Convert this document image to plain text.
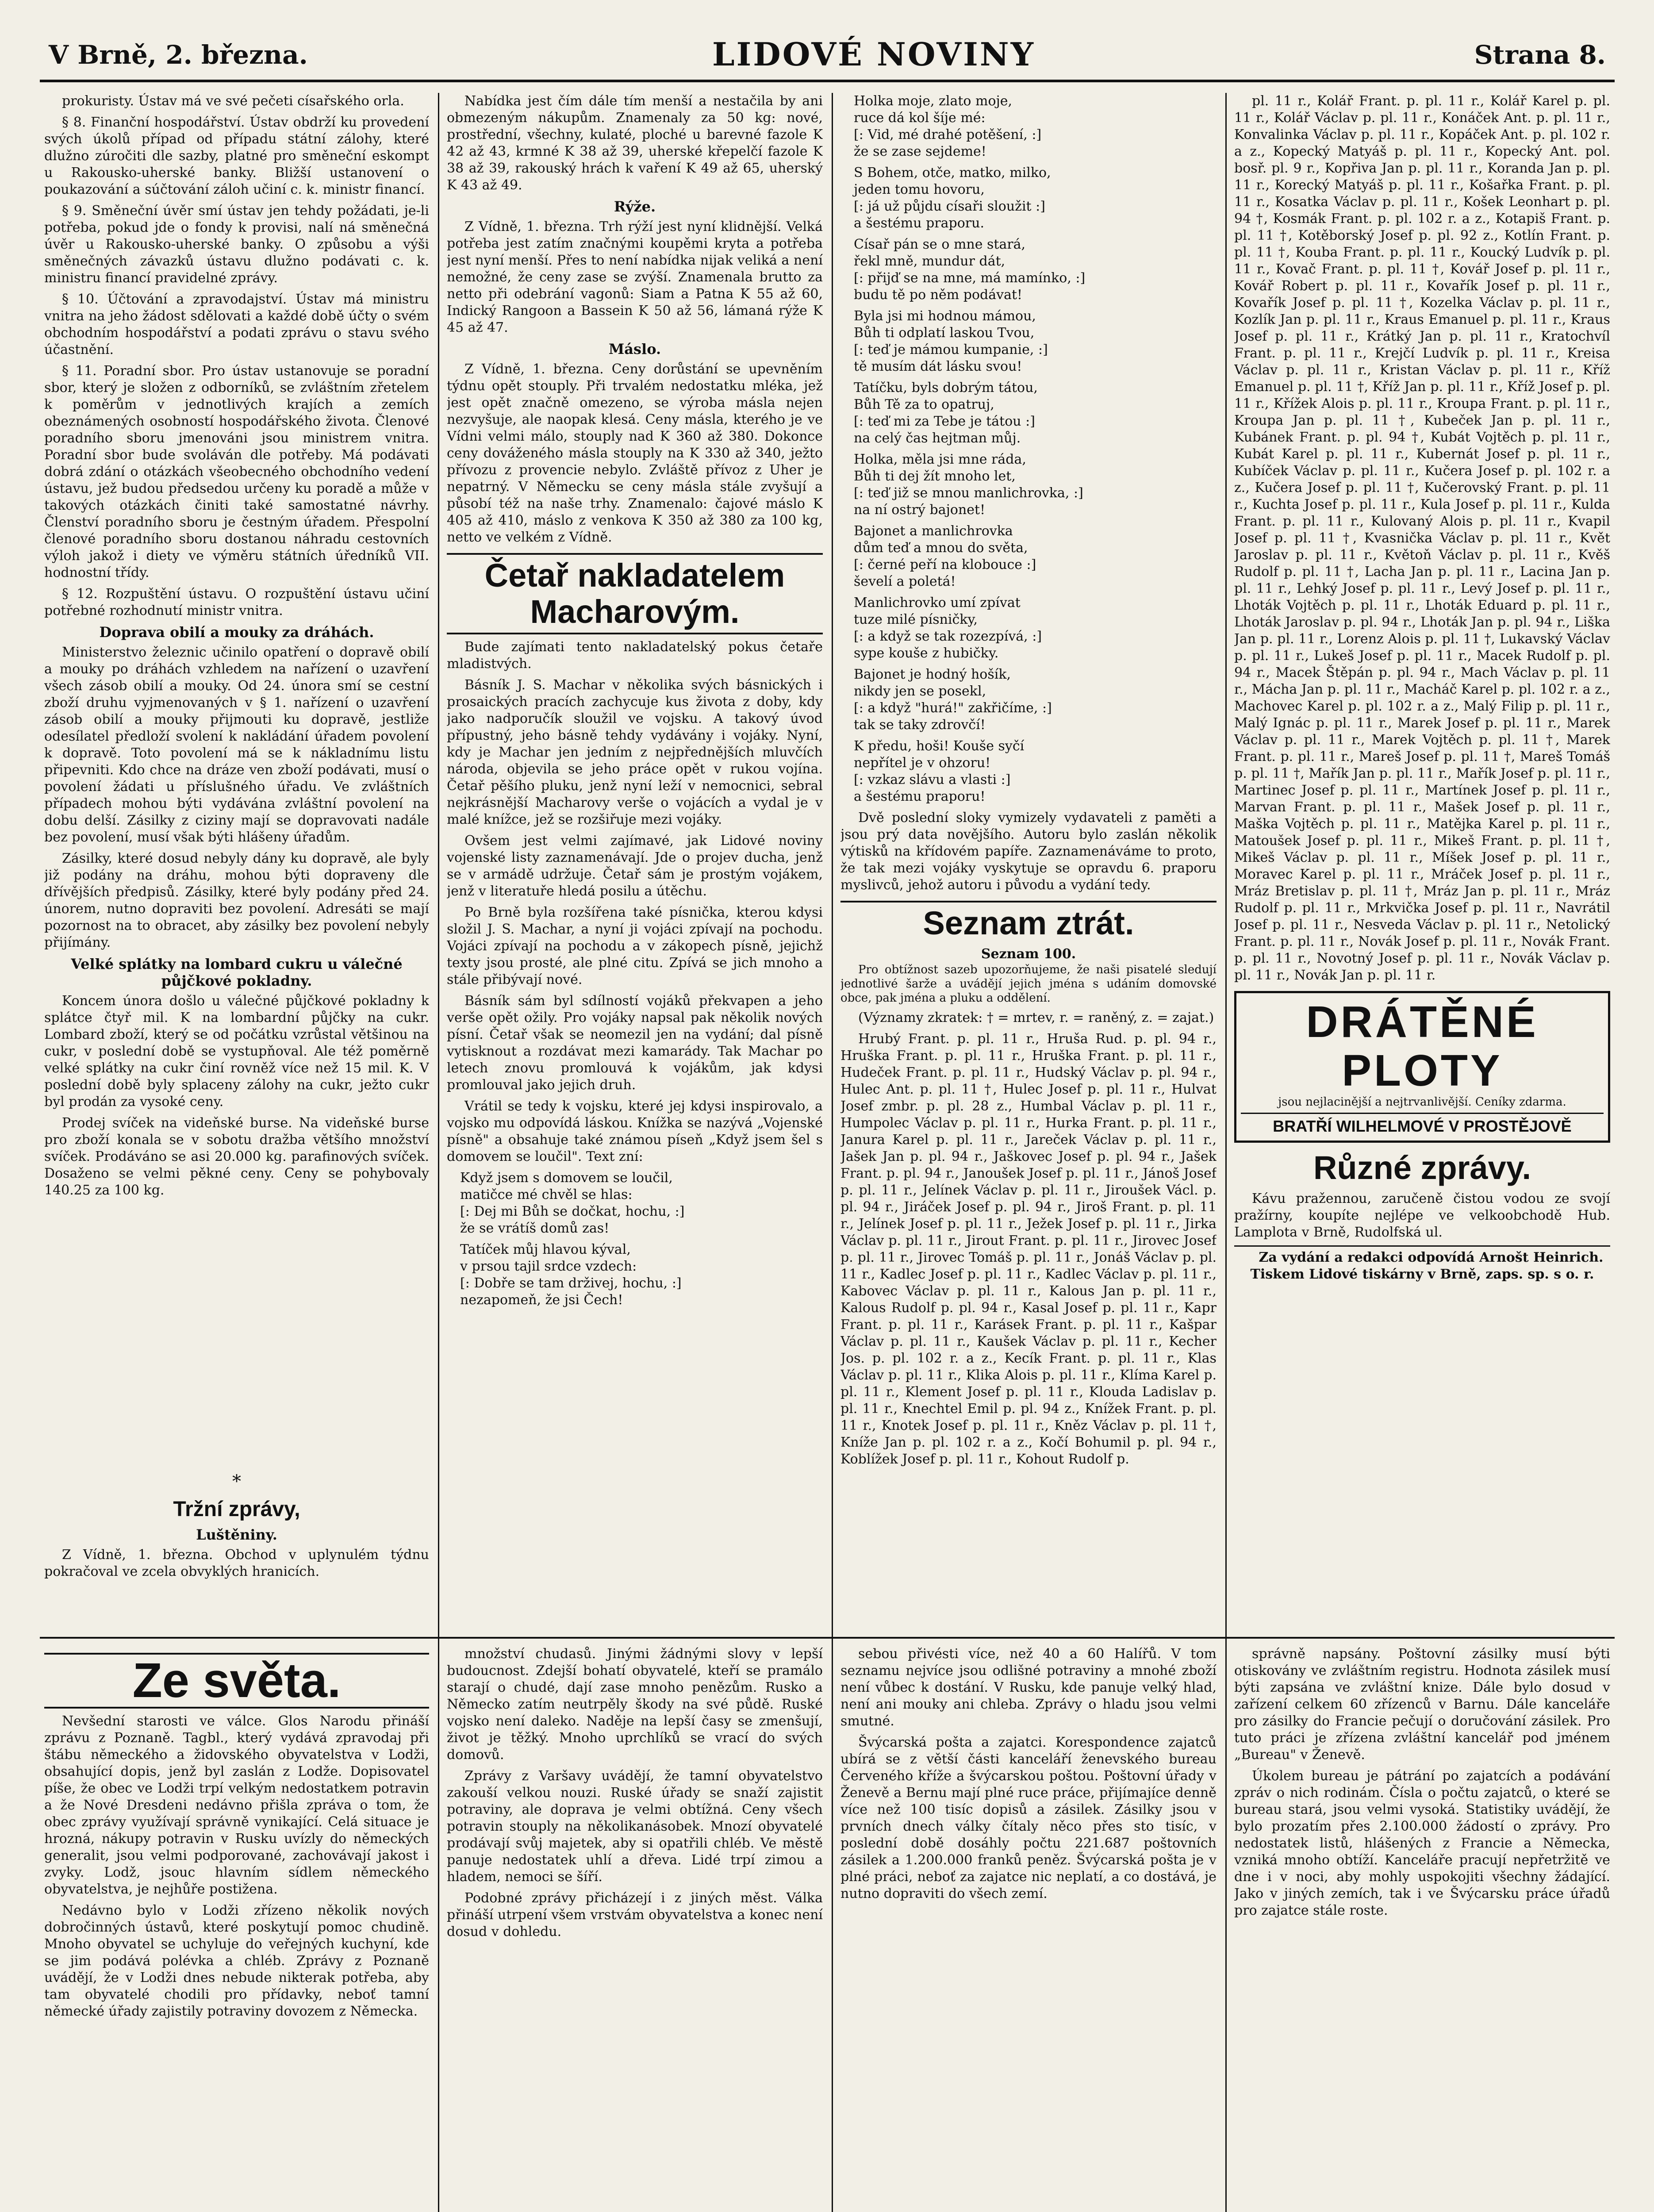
V Brně, 2. března.	LIDOVÉ NOVINY	Strana 8.

prokuristy. Ústav má ve své pečeti císařského orla.

§ 8. Finanční hospodářství. Ústav obdrží ku provedení svých úkolů případ od případu státní zálohy, které dlužno zúročiti dle sazby, platné pro směneční eskompt u Rakousko-uherské banky. Bližší ustanovení o poukazování a súčtování záloh učiní c. k. ministr financí.

§ 9. Směneční úvěr smí ústav jen tehdy požádati, je-li potřeba, pokud jde o fondy k provisi, nalí ná směnečná úvěr u Rakousko-uherské banky. O způsobu a výši směnečných závazků ústavu dlužno podávati c. k. ministru financí pravidelné zprávy.

§ 10. Účtování a zpravodajství. Ústav má ministru vnitra na jeho žádost sdělovati a každé době účty o svém obchodním hospodářství a podati zprávu o stavu svého účastnění.

§ 11. Poradní sbor. Pro ústav ustanovuje se poradní sbor, který je složen z odborníků, se zvláštním zřetelem k poměrům v jednotlivých krajích a zemích obeznámených osobností hospodářského života. Členové poradního sboru jmenováni jsou ministrem vnitra. Poradní sbor bude svoláván dle potřeby. Má podávati dobrá zdání o otázkách všeobecného obchodního vedení ústavu, jež budou předsedou určeny ku poradě a může v takových otázkách činiti také samostatné návrhy. Členství poradního sboru je čestným úřadem. Přespolní členové poradního sboru dostanou náhradu cestovních výloh jakož i diety ve výměru státních úředníků VII. hodnostní třídy.

§ 12. Rozpuštění ústavu. O rozpuštění ústavu učiní potřebné rozhodnutí ministr vnitra.

Doprava obilí a mouky za dráhách.

Ministerstvo železnic učinilo opatření o dopravě obilí a mouky po dráhách vzhledem na nařízení o uzavření všech zásob obilí a mouky. Od 24. února smí se cestní zboží druhu vyjmenovaných v § 1. nařízení o uzavření zásob obilí a mouky přijmouti ku dopravě, jestliže odesílatel předloží svolení k nakládání úřadem povolení k dopravě. Toto povolení má se k nákladnímu listu připevniti. Kdo chce na dráze ven zboží podávati, musí o povolení žádati u příslušného úřadu. Ve zvláštních případech mohou býti vydávána zvláštní povolení na dobu delší. Zásilky z ciziny mají se dopravovati nadále bez povolení, musí však býti hlášeny úřadům.

Zásilky, které dosud nebyly dány ku dopravě, ale byly již podány na dráhu, mohou býti dopraveny dle dřívějších předpisů. Zásilky, které byly podány před 24. únorem, nutno dopraviti bez povolení. Adresáti se mají pozornost na to obracet, aby zásilky bez povolení nebyly přijímány.

Velké splátky na lombard cukru u válečné půjčkové pokladny.

Koncem února došlo u válečné půjčkové pokladny k splátce čtyř mil. K na lombardní půjčky na cukr. Lombard zboží, který se od počátku vzrůstal většinou na cukr, v poslední době se vystupňoval. Ale též poměrně velké splátky na cukr činí rovněž více než 15 mil. K. V poslední době byly splaceny zálohy na cukr, ježto cukr byl prodán za vysoké ceny.

Prodej svíček na videňské burse. Na videňské burse pro zboží konala se v sobotu dražba většího množství svíček. Prodáváno se asi 20.000 kg. parafinových svíček. Dosaženo se velmi pěkné ceny. Ceny se pohybovaly 140.25 za 100 kg.

*
Tržní zprávy,
Luštěniny.

Z Vídně, 1. března. Obchod v uplynulém týdnu pokračoval ve zcela obvyklých hranicích.

Nabídka jest čím dále tím menší a nestačila by ani obmezeným nákupům. Znamenaly za 50 kg: nové, prostřední, všechny, kulaté, ploché u barevné fazole K 42 až 43, krmné K 38 až 39, uherské křepelčí fazole K 38 až 39, rakouský hrách k vaření K 49 až 65, uherský K 43 až 49.

Rýže.

Z Vídně, 1. března. Trh rýží jest nyní klidnější. Velká potřeba jest zatím značnými koupěmi kryta a potřeba jest nyní menší. Přes to není nabídka nijak veliká a není nemožné, že ceny zase se zvýší. Znamenala brutto za netto při odebrání vagonů: Siam a Patna K 55 až 60, Indický Rangoon a Bassein K 50 až 56, lámaná rýže K 45 až 47.

Máslo.

Z Vídně, 1. března. Ceny dorůstání se upevněním týdnu opět stouply. Při trvalém nedostatku mléka, jež jest opět značně omezeno, se výroba másla nejen nezvyšuje, ale naopak klesá. Ceny másla, kterého je ve Vídni velmi málo, stouply nad K 360 až 380. Dokonce ceny dováženého másla stouply na K 330 až 340, ježto přívozu z provencie nebylo. Zvláště přívoz z Uher je nepatrný. V Německu se ceny másla stále zvyšují a působí též na naše trhy. Znamenalo: čajové máslo K 405 až 410, máslo z venkova K 350 až 380 za 100 kg, netto ve velkém z Vídně.

Četař nakladatelem Macharovým.

Bude zajímati tento nakladatelský pokus četaře mladistvých.

Básník J. S. Machar v několika svých básnických i prosaických pracích zachycuje kus života z doby, kdy jako nadporučík sloužil ve vojsku. A takový úvod přípustný, jeho básně tehdy vydávány i vojáky. Nyní, kdy je Machar jen jedním z nejpřednějších mluvčích národa, objevila se jeho práce opět v rukou vojína. Četař pěšího pluku, jenž nyní leží v nemocnici, sebral nejkrásnější Macharovy verše o vojácích a vydal je v malé knížce, jež se rozšiřuje mezi vojáky.

Ovšem jest velmi zajímavé, jak Lidové noviny vojenské listy zaznamenávají. Jde o projev ducha, jenž se v armádě udržuje. Četař sám je prostým vojákem, jenž v literatuře hledá posilu a útěchu.

Po Brně byla rozšířena také písnička, kterou kdysi složil J. S. Machar, a nyní ji vojáci zpívají na pochodu. Vojáci zpívají na pochodu a v zákopech písně, jejichž texty jsou prosté, ale plné citu. Zpívá se jich mnoho a stále přibývají nové.

Básník sám byl sdílností vojáků překvapen a jeho verše opět ožily. Pro vojáky napsal pak několik nových písní. Četař však se neomezil jen na vydání; dal písně vytisknout a rozdávat mezi kamarády. Tak Machar po letech znovu promlouvá k vojákům, jak kdysi promlouval jako jejich druh.

Vrátil se tedy k vojsku, které jej kdysi inspirovalo, a vojsko mu odpovídá láskou. Knížka se nazývá „Vojenské písně" a obsahuje také známou píseň „Když jsem šel s domovem se loučil". Text zní:

Když jsem s domovem se loučil,
matičce mé chvěl se hlas:
[: Dej mi Bůh se dočkat, hochu, :]
že se vrátíš domů zas!
Tatíček můj hlavou kýval,
v prsou tajil srdce vzdech:
[: Dobře se tam drživej, hochu, :]
nezapomeň, že jsi Čech!
Holka moje, zlato moje,
ruce dá kol šíje mé:
[: Vid, mé drahé potěšení, :]
že se zase sejdeme!
S Bohem, otče, matko, milko,
jeden tomu hovoru,
[: já už půjdu císaři sloužit :]
a šestému praporu.
Císař pán se o mne stará,
řekl mně, mundur dát,
[: přijď se na mne, má mamínko, :]
budu tě po něm podávat!
Byla jsi mi hodnou mámou,
Bůh ti odplatí laskou Tvou,
[: teď je mámou kumpanie, :]
tě musím dát lásku svou!
Tatíčku, byls dobrým tátou,
Bůh Tě za to opatruj,
[: teď mi za Tebe je tátou :]
na celý čas hejtman můj.
Holka, měla jsi mne ráda,
Bůh ti dej žít mnoho let,
[: teď již se mnou manlichrovka, :]
na ní ostrý bajonet!
Bajonet a manlichrovka
dům teď a mnou do světa,
[: černé peří na klobouce :]
ševelí a poletá!
Manlichrovko umí zpívat
tuze milé písničky,
[: a když se tak rozezpívá, :]
sype kouše z hubičky.
Bajonet je hodný hošík,
nikdy jen se posekl,
[: a když "hurá!" zakřičíme, :]
tak se taky zdrovčí!
K předu, hoši! Kouše syčí
nepřítel je v ohzoru!
[: vzkaz slávu a vlasti :]
a šestému praporu!

Dvě poslední sloky vymizely vydavateli z paměti a jsou prý data novějšího. Autoru bylo zaslán několik výtisků na křídovém papíře. Zaznamenáváme to proto, že tak mezi vojáky vyskytuje se opravdu 6. praporu myslivců, jehož autoru i původu a vydání tedy.

Seznam ztrát.
Seznam 100.

Pro obtížnost sazeb upozorňujeme, že naši pisatelé sledují jednotlivé šarže a uvádějí jejich jména s udáním domovské obce, pak jména a pluku a oddělení.

(Významy zkratek: † = mrtev, r. = raněný, z. = zajat.)

Hrubý Frant. p. pl. 11 r., Hruša Rud. p. pl. 94 r., Hruška Frant. p. pl. 11 r., Hruška Frant. p. pl. 11 r., Hudeček Frant. p. pl. 11 r., Hudský Václav p. pl. 94 r., Hulec Ant. p. pl. 11 †, Hulec Josef p. pl. 11 r., Hulvat Josef zmbr. p. pl. 28 z., Humbal Václav p. pl. 11 r., Humpolec Václav p. pl. 11 r., Hurka Frant. p. pl. 11 r., Janura Karel p. pl. 11 r., Jareček Václav p. pl. 11 r., Jašek Jan p. pl. 94 r., Jaškovec Josef p. pl. 94 r., Jašek Frant. p. pl. 94 r., Janoušek Josef p. pl. 11 r., Jánoš Josef p. pl. 11 r., Jelínek Václav p. pl. 11 r., Jiroušek Václ. p. pl. 94 r., Jiráček Josef p. pl. 94 r., Jiroš Frant. p. pl. 11 r., Jelínek Josef p. pl. 11 r., Ježek Josef p. pl. 11 r., Jirka Václav p. pl. 11 r., Jirout Frant. p. pl. 11 r., Jirovec Josef p. pl. 11 r., Jirovec Tomáš p. pl. 11 r., Jonáš Václav p. pl. 11 r., Kadlec Josef p. pl. 11 r., Kadlec Václav p. pl. 11 r., Kabovec Václav p. pl. 11 r., Kalous Jan p. pl. 11 r., Kalous Rudolf p. pl. 94 r., Kasal Josef p. pl. 11 r., Kapr Frant. p. pl. 11 r., Karásek Frant. p. pl. 11 r., Kašpar Václav p. pl. 11 r., Kaušek Václav p. pl. 11 r., Kecher Jos. p. pl. 102 r. a z., Kecík Frant. p. pl. 11 r., Klas Václav p. pl. 11 r., Klika Alois p. pl. 11 r., Klíma Karel p. pl. 11 r., Klement Josef p. pl. 11 r., Klouda Ladislav p. pl. 11 r., Knechtel Emil p. pl. 94 z., Knížek Frant. p. pl. 11 r., Knotek Josef p. pl. 11 r., Kněz Václav p. pl. 11 †, Kníže Jan p. pl. 102 r. a z., Kočí Bohumil p. pl. 94 r., Koblížek Josef p. pl. 11 r., Kohout Rudolf p.

pl. 11 r., Kolář Frant. p. pl. 11 r., Kolář Karel p. pl. 11 r., Kolář Václav p. pl. 11 r., Konáček Ant. p. pl. 11 r., Konvalinka Václav p. pl. 11 r., Kopáček Ant. p. pl. 102 r. a z., Kopecký Matyáš p. pl. 11 r., Kopecký Ant. pol. bosř. pl. 9 r., Kopřiva Jan p. pl. 11 r., Koranda Jan p. pl. 11 r., Korecký Matyáš p. pl. 11 r., Košařka Frant. p. pl. 11 r., Kosatka Václav p. pl. 11 r., Košek Leonhart p. pl. 94 †, Kosmák Frant. p. pl. 102 r. a z., Kotapiš Frant. p. pl. 11 †, Kotěborský Josef p. pl. 92 z., Kotlín Frant. p. pl. 11 †, Kouba Frant. p. pl. 11 r., Koucký Ludvík p. pl. 11 r., Kovač Frant. p. pl. 11 †, Kovář Josef p. pl. 11 r., Kovář Robert p. pl. 11 r., Kovařík Josef p. pl. 11 r., Kovařík Josef p. pl. 11 †, Kozelka Václav p. pl. 11 r., Kozlík Jan p. pl. 11 r., Kraus Emanuel p. pl. 11 r., Kraus Josef p. pl. 11 r., Krátký Jan p. pl. 11 r., Kratochvíl Frant. p. pl. 11 r., Krejčí Ludvík p. pl. 11 r., Kreisa Václav p. pl. 11 r., Kristan Václav p. pl. 11 r., Kříž Emanuel p. pl. 11 †, Kříž Jan p. pl. 11 r., Kříž Josef p. pl. 11 r., Křížek Alois p. pl. 11 r., Kroupa Frant. p. pl. 11 r., Kroupa Jan p. pl. 11 †, Kubeček Jan p. pl. 11 r., Kubánek Frant. p. pl. 94 †, Kubát Vojtěch p. pl. 11 r., Kubát Karel p. pl. 11 r., Kubernát Josef p. pl. 11 r., Kubíček Václav p. pl. 11 r., Kučera Josef p. pl. 102 r. a z., Kučera Josef p. pl. 11 †, Kučerovský Frant. p. pl. 11 r., Kuchta Josef p. pl. 11 r., Kula Josef p. pl. 11 r., Kulda Frant. p. pl. 11 r., Kulovaný Alois p. pl. 11 r., Kvapil Josef p. pl. 11 †, Kvasnička Václav p. pl. 11 r., Květ Jaroslav p. pl. 11 r., Květoň Václav p. pl. 11 r., Kvěš Rudolf p. pl. 11 †, Lacha Jan p. pl. 11 r., Lacina Jan p. pl. 11 r., Lehký Josef p. pl. 11 r., Levý Josef p. pl. 11 r., Lhoták Vojtěch p. pl. 11 r., Lhoták Eduard p. pl. 11 r., Lhoták Jaroslav p. pl. 94 r., Lhoták Jan p. pl. 94 r., Liška Jan p. pl. 11 r., Lorenz Alois p. pl. 11 †, Lukavský Václav p. pl. 11 r., Lukeš Josef p. pl. 11 r., Macek Rudolf p. pl. 94 r., Macek Štěpán p. pl. 94 r., Mach Václav p. pl. 11 r., Mácha Jan p. pl. 11 r., Macháč Karel p. pl. 102 r. a z., Machovec Karel p. pl. 102 r. a z., Malý Filip p. pl. 11 r., Malý Ignác p. pl. 11 r., Marek Josef p. pl. 11 r., Marek Václav p. pl. 11 r., Marek Vojtěch p. pl. 11 †, Marek Frant. p. pl. 11 r., Mareš Josef p. pl. 11 †, Mareš Tomáš p. pl. 11 †, Mařík Jan p. pl. 11 r., Mařík Josef p. pl. 11 r., Martinec Josef p. pl. 11 r., Martínek Josef p. pl. 11 r., Marvan Frant. p. pl. 11 r., Mašek Josef p. pl. 11 r., Maška Vojtěch p. pl. 11 r., Matějka Karel p. pl. 11 r., Matoušek Josef p. pl. 11 r., Mikeš Frant. p. pl. 11 †, Mikeš Václav p. pl. 11 r., Míšek Josef p. pl. 11 r., Moravec Karel p. pl. 11 r., Mráček Josef p. pl. 11 r., Mráz Bretislav p. pl. 11 †, Mráz Jan p. pl. 11 r., Mráz Rudolf p. pl. 11 r., Mrkvička Josef p. pl. 11 r., Navrátil Josef p. pl. 11 r., Nesveda Václav p. pl. 11 r., Netolický Frant. p. pl. 11 r., Novák Josef p. pl. 11 r., Novák Frant. p. pl. 11 r., Novotný Josef p. pl. 11 r., Novák Václav p. pl. 11 r., Novák Jan p. pl. 11 r.

DRÁTĚNÉ PLOTY
jsou nejlacinější a nejtrvanlivější. Ceníky zdarma.
BRATŘÍ WILHELMOVÉ V PROSTĚJOVĚ
Různé zprávy.

Kávu pražennou, zaručeně čistou vodou ze svojí pražírny, koupíte nejlépe ve velkoobchodě Hub. Lamplota v Brně, Rudolfská ul.

Za vydání a redakci odpovídá Arnošt Heinrich. Tiskem Lidové tiskárny v Brně, zaps. sp. s o. r.

Ze světa.

Nevšední starosti ve válce. Glos Narodu přináší zprávu z Poznaně. Tagbl., který vydává zpravodaj při štábu německého a židovského obyvatelstva v Lodži, obsahující dopis, jenž byl zaslán z Lodže. Dopisovatel píše, že obec ve Lodži trpí velkým nedostatkem potravin a že Nové Dresdeni nedávno přišla zpráva o tom, že obec zprávy využívají správně vynikající. Celá situace je hrozná, nákupy potravin v Rusku uvízly do německých generalit, jsou velmi podporované, zachovávají jakost i zvyky. Lodž, jsouc hlavním sídlem německého obyvatelstva, je nejhůře postižena.

Nedávno bylo v Lodži zřízeno několik nových dobročinných ústavů, které poskytují pomoc chudině. Mnoho obyvatel se uchyluje do veřejných kuchyní, kde se jim podává polévka a chléb. Zprávy z Poznaně uvádějí, že v Lodži dnes nebude nikterak potřeba, aby tam obyvatelé chodili pro přídavky, neboť tamní německé úřady zajistily potraviny dovozem z Německa.

množství chudasů. Jinými žádnými slovy v lepší budoucnost. Zdejší bohatí obyvatelé, kteří se pramálo starají o chudé, dají zase mnoho penězům. Rusko a Německo zatím neutrpěly škody na své půdě. Ruské vojsko není daleko. Naděje na lepší časy se zmenšují, život je těžký. Mnoho uprchlíků se vrací do svých domovů.

Zprávy z Varšavy uvádějí, že tamní obyvatelstvo zakouší velkou nouzi. Ruské úřady se snaží zajistit potraviny, ale doprava je velmi obtížná. Ceny všech potravin stouply na několikanásobek. Mnozí obyvatelé prodávají svůj majetek, aby si opatřili chléb. Ve městě panuje nedostatek uhlí a dřeva. Lidé trpí zimou a hladem, nemoci se šíří.

Podobné zprávy přicházejí i z jiných měst. Válka přináší utrpení všem vrstvám obyvatelstva a konec není dosud v dohledu.

sebou přivésti více, než 40 a 60 Halířů. V tom seznamu nejvíce jsou odlišné potraviny a mnohé zboží není vůbec k dostání. V Rusku, kde panuje velký hlad, není ani mouky ani chleba. Zprávy o hladu jsou velmi smutné.

Švýcarská pošta a zajatci. Korespondence zajatců ubírá se z větší části kanceláří ženevského bureau Červeného kříže a švýcarskou poštou. Poštovní úřady v Ženevě a Bernu mají plné ruce práce, přijímajíce denně více než 100 tisíc dopisů a zásilek. Zásilky jsou v prvních dnech války čítaly něco přes sto tisíc, v poslední době dosáhly počtu 221.687 poštovních zásilek a 1.200.000 franků peněz. Švýcarská pošta je v plné práci, neboť za zajatce nic neplatí, a co dostává, je nutno dopraviti do všech zemí.

správně napsány. Poštovní zásilky musí býti otiskovány ve zvláštním registru. Hodnota zásilek musí býti zapsána ve zvláštní knize. Dále bylo dosud v zařízení celkem 60 zřízenců v Barnu. Dále kanceláře pro zásilky do Francie pečují o doručování zásilek. Pro tuto práci je zřízena zvláštní kancelář pod jménem „Bureau" v Ženevě.

Úkolem bureau je pátrání po zajatcích a podávání zpráv o nich rodinám. Čísla o počtu zajatců, o které se bureau stará, jsou velmi vysoká. Statistiky uvádějí, že bylo prozatím přes 2.100.000 žádostí o zprávy. Pro nedostatek listů, hlášených z Francie a Německa, vzniká mnoho obtíží. Kanceláře pracují nepřetržitě ve dne i v noci, aby mohly uspokojiti všechny žádající. Jako v jiných zemích, tak i ve Švýcarsku práce úřadů pro zajatce stále roste.
